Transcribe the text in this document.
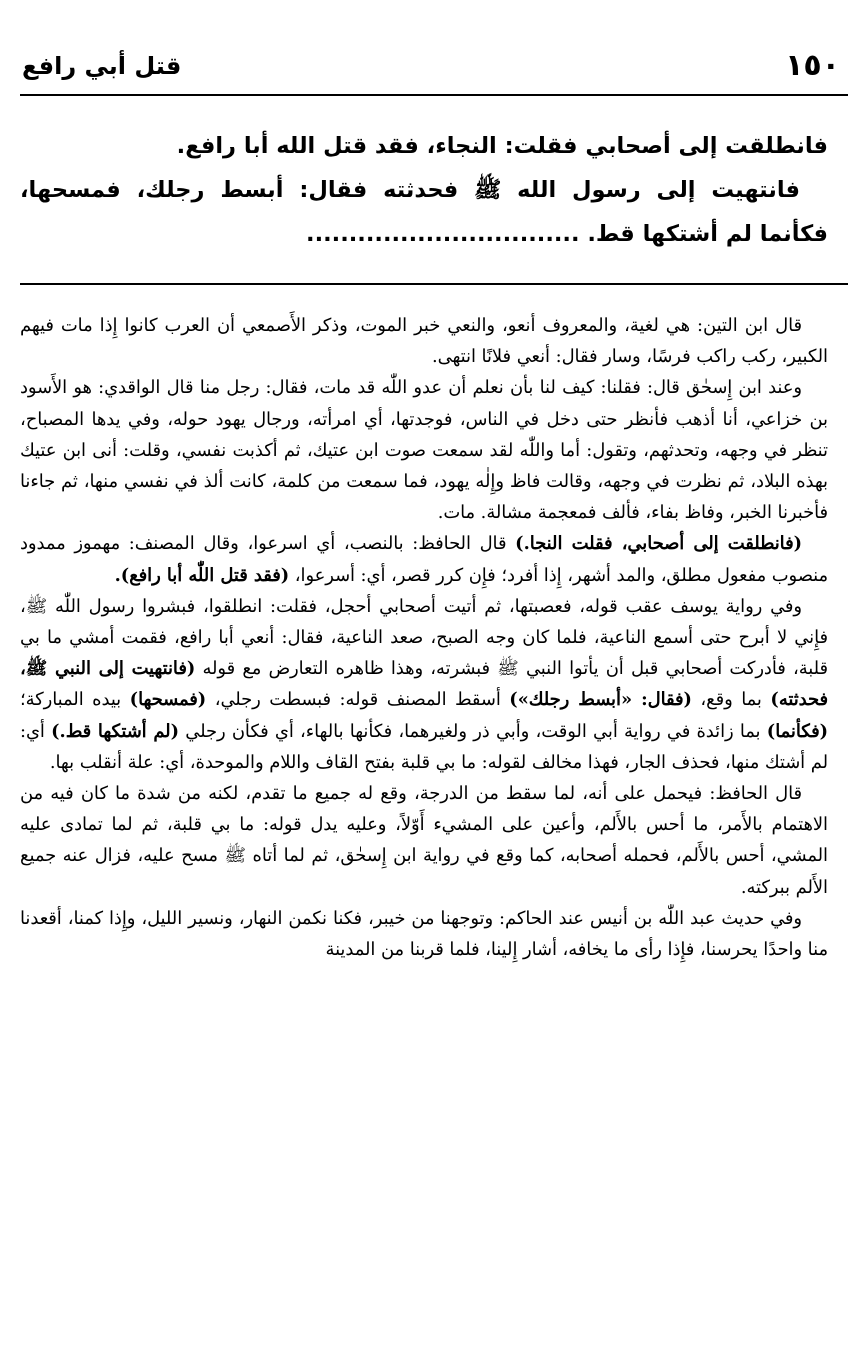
١٥٠
قتل أبي رافع

فانطلقت إلى أصحابي فقلت: النجاء، فقد قتل الله أبا رافع.

فانتهيت إلى رسول الله ﷺ فحدثته فقال: أبسط رجلك، فمسحها، فكأنما لم أشتكها قط. ................................

قال ابن التين: هي لغية، والمعروف أنعو، والنعي خبر الموت، وذكر الأَصمعي أن العرب كانوا إِذا مات فيهم الكبير، ركب راكب فرسًا، وسار فقال: أنعي فلانًا انتهى.

وعند ابن إِسحٰق قال: فقلنا: كيف لنا بأن نعلم أن عدو اللّٰه قد مات، فقال: رجل منا قال الواقدي: هو الأَسود بن خزاعي، أنا أذهب فأنظر حتى دخل في الناس، فوجدتها، أي امرأته، ورجال يهود حوله، وفي يدها المصباح، تنظر في وجهه، وتحدثهم، وتقول: أما واللّٰه لقد سمعت صوت ابن عتيك، ثم أكذبت نفسي، وقلت: أنى ابن عتيك بهذه البلاد، ثم نظرت في وجهه، وقالت فاظ وإِلٰه يهود، فما سمعت من كلمة، كانت ألذ في نفسي منها، ثم جاءنا فأخبرنا الخبر، وفاظ بفاء، فألف فمعجمة مشالة. مات.

(فانطلقت إلى أصحابي، فقلت النجا.) قال الحافظ: بالنصب، أي اسرعوا، وقال المصنف: مهموز ممدود منصوب مفعول مطلق، والمد أشهر، إِذا أفرد؛ فإِن كرر قصر، أي: أسرعوا، (فقد قتل اللّٰه أبا رافع).

وفي رواية يوسف عقب قوله، فعصبتها، ثم أتيت أصحابي أحجل، فقلت: انطلقوا، فبشروا رسول اللّٰه ﷺ، فإِني لا أبرح حتى أسمع الناعية، فلما كان وجه الصبح، صعد الناعية، فقال: أنعي أبا رافع، فقمت أمشي ما بي قلبة، فأدركت أصحابي قبل أن يأتوا النبي ﷺ فبشرته، وهذا ظاهره التعارض مع قوله (فانتهيت إلى النبي ﷺ، فحدثته) بما وقع، (فقال: «أبسط رجلك») أسقط المصنف قوله: فبسطت رجلي، (فمسحها) بيده المباركة؛ (فكأنما) بما زائدة في رواية أبي الوقت، وأبي ذر ولغيرهما، فكأنها بالهاء، أي فكأن رجلي (لم أشتكها قط.) أي: لم أشتك منها، فحذف الجار، فهذا مخالف لقوله: ما بي قلبة بفتح القاف واللام والموحدة، أي: علة أنقلب بها.

قال الحافظ: فيحمل على أنه، لما سقط من الدرجة، وقع له جميع ما تقدم، لكنه من شدة ما كان فيه من الاهتمام بالأَمر، ما أحس بالأَلم، وأعين على المشيء أَوّلاً، وعليه يدل قوله: ما بي قلبة، ثم لما تمادى عليه المشي، أحس بالأَلم، فحمله أصحابه، كما وقع في رواية ابن إِسحٰق، ثم لما أتاه ﷺ مسح عليه، فزال عنه جميع الأَلم ببركته.

وفي حديث عبد اللّٰه بن أنيس عند الحاكم: وتوجهنا من خيبر، فكنا نكمن النهار، ونسير الليل، وإِذا كمنا، أقعدنا منا واحدًا يحرسنا، فإِذا رأى ما يخافه، أشار إِلينا، فلما قربنا من المدينة
